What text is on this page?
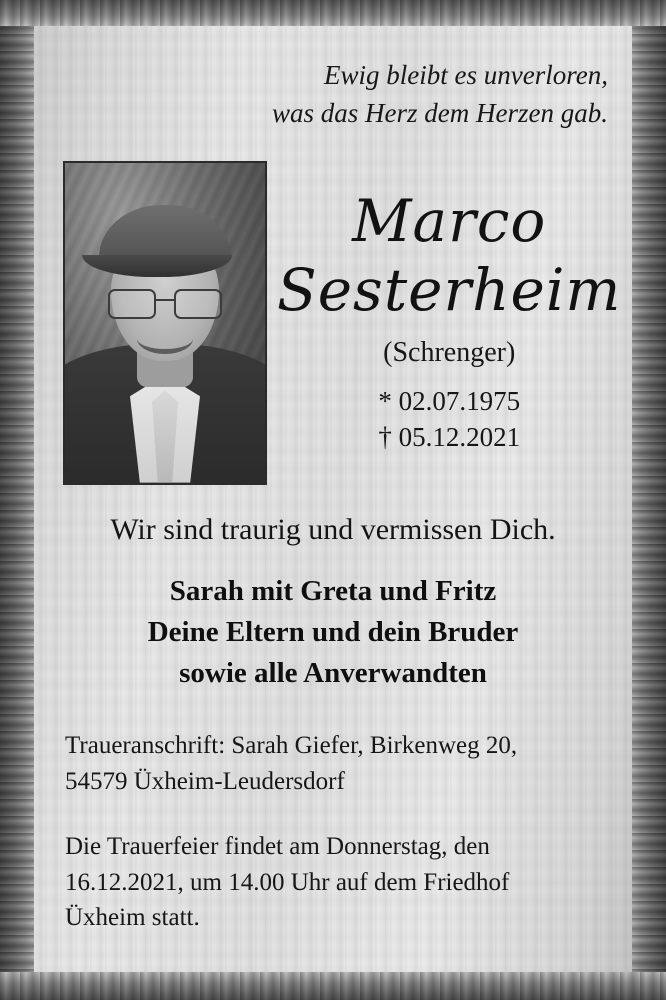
Ewig bleibt es unverloren,
was das Herz dem Herzen gab.
Marco
Sesterheim
(Schrenger)
* 02.07.1975
† 05.12.2021
Wir sind traurig und vermissen Dich.
Sarah mit Greta und Fritz
Deine Eltern und dein Bruder
sowie alle Anverwandten
Traueranschrift: Sarah Giefer, Birkenweg 20,
54579 Üxheim-Leudersdorf
Die Trauerfeier findet am Donnerstag, den
16.12.2021, um 14.00 Uhr auf dem Friedhof
Üxheim statt.
